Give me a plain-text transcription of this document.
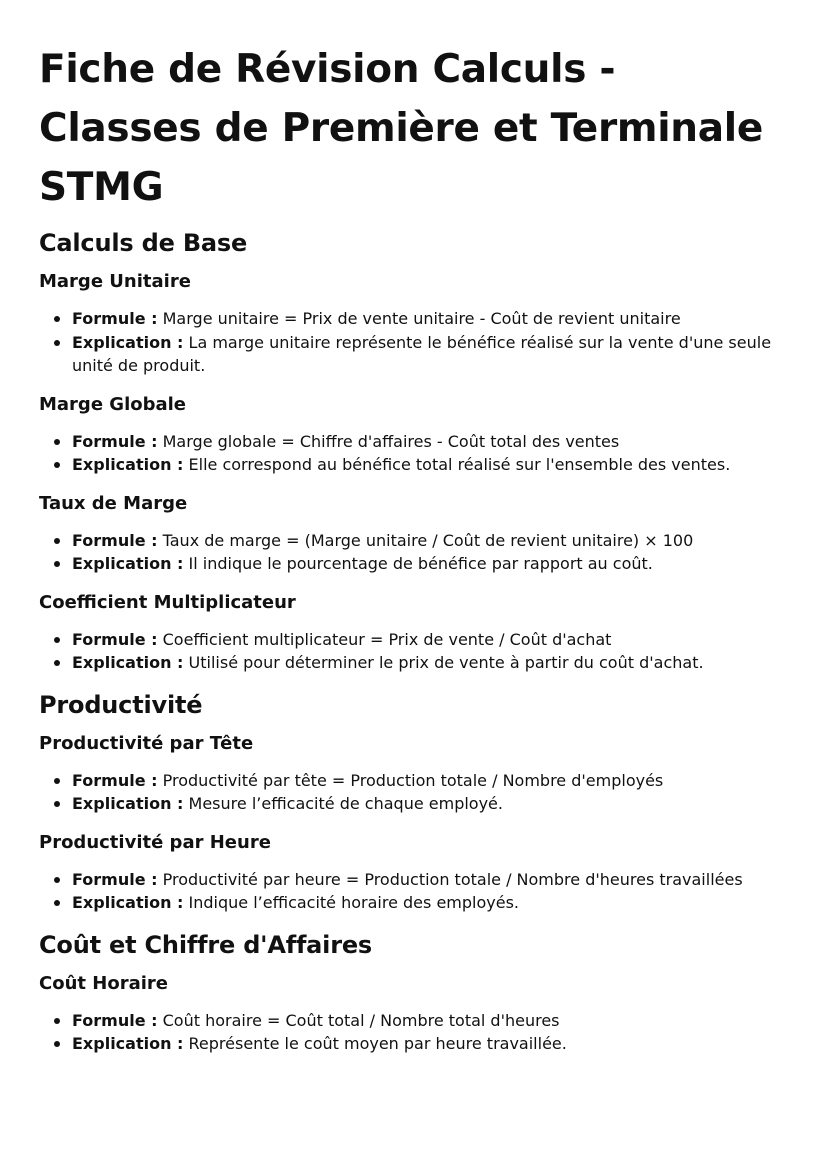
Fiche de Révision Calculs - Classes de Première et Terminale STMG
Calculs de Base
Marge Unitaire
Formule : Marge unitaire = Prix de vente unitaire - Coût de revient unitaire
Explication : La marge unitaire représente le bénéfice réalisé sur la vente d'une seule unité de produit.
Marge Globale
Formule : Marge globale = Chiffre d'affaires - Coût total des ventes
Explication : Elle correspond au bénéfice total réalisé sur l'ensemble des ventes.
Taux de Marge
Formule : Taux de marge = (Marge unitaire / Coût de revient unitaire) × 100
Explication : Il indique le pourcentage de bénéfice par rapport au coût.
Coefficient Multiplicateur
Formule : Coefficient multiplicateur = Prix de vente / Coût d'achat
Explication : Utilisé pour déterminer le prix de vente à partir du coût d'achat.
Productivité
Productivité par Tête
Formule : Productivité par tête = Production totale / Nombre d'employés
Explication : Mesure l’efficacité de chaque employé.
Productivité par Heure
Formule : Productivité par heure = Production totale / Nombre d'heures travaillées
Explication : Indique l’efficacité horaire des employés.
Coût et Chiffre d'Affaires
Coût Horaire
Formule : Coût horaire = Coût total / Nombre total d'heures
Explication : Représente le coût moyen par heure travaillée.
